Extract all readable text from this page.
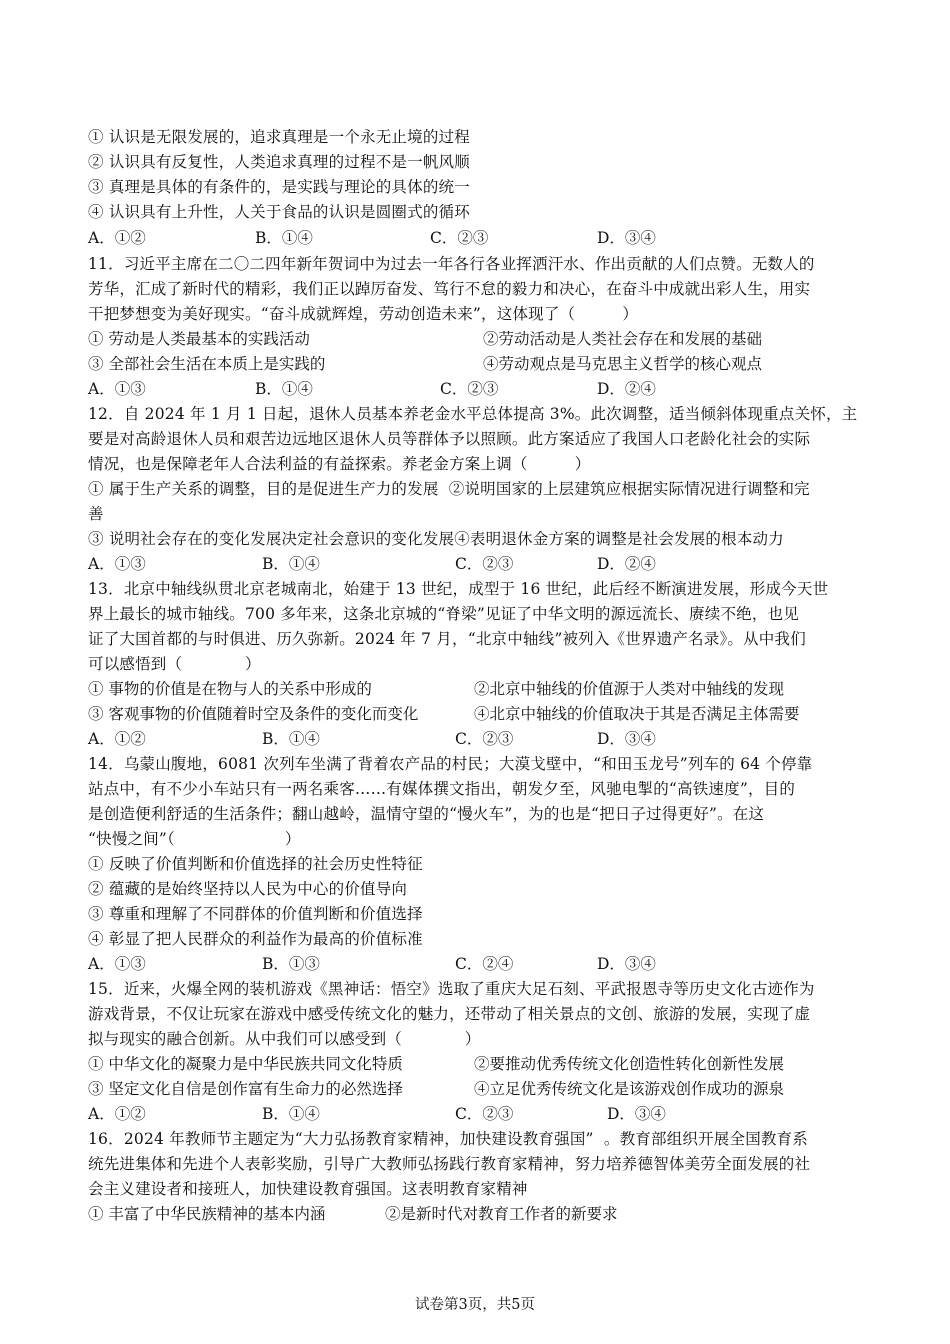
① 认识是无限发展的，追求真理是一个永无止境的过程
② 认识具有反复性，人类追求真理的过程不是一帆风顺
③ 真理是具体的有条件的，是实践与理论的具体的统一
④ 认识具有上升性，人关于食品的认识是圆圈式的循环
A．①②	B．①④	C．②③	D．③④
11．习近平主席在二〇二四年新年贺词中为过去一年各行各业挥洒汗水、作出贡献的人们点赞。无数人的
芳华，汇成了新时代的精彩，我们正以踔厉奋发、笃行不怠的毅力和决心，在奋斗中成就出彩人生，用实
干把梦想变为美好现实。“奋斗成就辉煌，劳动创造未来”，这体现了（　　　）
① 劳动是人类最基本的实践活动	②劳动活动是人类社会存在和发展的基础
③ 全部社会生活在本质上是实践的	④劳动观点是马克思主义哲学的核心观点
A．①③	B．①④	C．②③	D．②④
12．自 2024 年 1 月 1 日起，退休人员基本养老金水平总体提高 3%。此次调整，适当倾斜体现重点关怀，主
要是对高龄退休人员和艰苦边远地区退休人员等群体予以照顾。此方案适应了我国人口老龄化社会的实际
情况，也是保障老年人合法利益的有益探索。养老金方案上调（　　　）
① 属于生产关系的调整，目的是促进生产力的发展  ②说明国家的上层建筑应根据实际情况进行调整和完
善
③ 说明社会存在的变化发展决定社会意识的变化发展④表明退休金方案的调整是社会发展的根本动力
A．①③	B．①④	C．②③	D．②④
13．北京中轴线纵贯北京老城南北，始建于 13 世纪，成型于 16 世纪，此后经不断演进发展，形成今天世
界上最长的城市轴线。700 多年来，这条北京城的“脊梁”见证了中华文明的源远流长、赓续不绝，也见
证了大国首都的与时俱进、历久弥新。2024 年 7 月，“北京中轴线”被列入《世界遗产名录》。从中我们
可以感悟到（　　　　）
① 事物的价值是在物与人的关系中形成的	②北京中轴线的价值源于人类对中轴线的发现
③ 客观事物的价值随着时空及条件的变化而变化	④北京中轴线的价值取决于其是否满足主体需要
A．①②	B．①④	C．②③	D．③④
14．乌蒙山腹地，6081 次列车坐满了背着农产品的村民；大漠戈壁中，“和田玉龙号”列车的 64 个停靠
站点中，有不少小车站只有一两名乘客……有媒体撰文指出，朝发夕至，风驰电掣的“高铁速度”，目的
是创造便利舒适的生活条件；翻山越岭，温情守望的“慢火车”，为的也是“把日子过得更好”。在这
“快慢之间”（　　　　　　　）
① 反映了价值判断和价值选择的社会历史性特征
② 蕴藏的是始终坚持以人民为中心的价值导向
③ 尊重和理解了不同群体的价值判断和价值选择
④ 彰显了把人民群众的利益作为最高的价值标准
A．①③	B．①③	C．②④	D．③④
15．近来，火爆全网的装机游戏《黑神话：悟空》选取了重庆大足石刻、平武报恩寺等历史文化古迹作为
游戏背景，不仅让玩家在游戏中感受传统文化的魅力，还带动了相关景点的文创、旅游的发展，实现了虚
拟与现实的融合创新。从中我们可以感受到（　　　　）
① 中华文化的凝聚力是中华民族共同文化特质	②要推动优秀传统文化创造性转化创新性发展
③ 坚定文化自信是创作富有生命力的必然选择	④立足优秀传统文化是该游戏创作成功的源泉
A．①②	B．①④	C．②③	D．③④
16．2024 年教师节主题定为“大力弘扬教育家精神，加快建设教育强国”  。教育部组织开展全国教育系
统先进集体和先进个人表彰奖励，引导广大教师弘扬践行教育家精神，努力培养德智体美劳全面发展的社
会主义建设者和接班人，加快建设教育强国。这表明教育家精神
① 丰富了中华民族精神的基本内涵	②是新时代对教育工作者的新要求
试卷第3页，共5页
